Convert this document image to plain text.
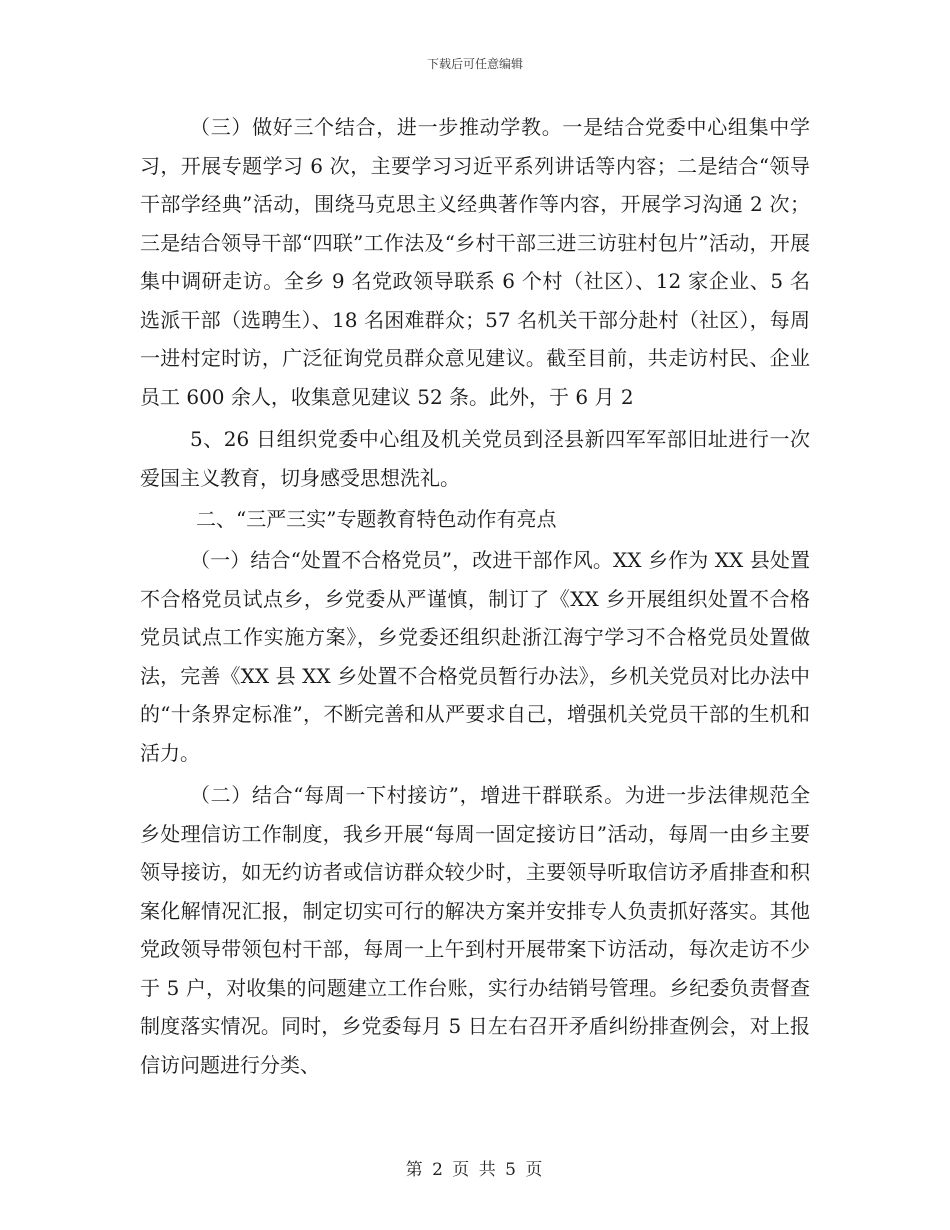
下载后可任意编辑

（三）做好三个结合，进一步推动学教。一是结合党委中心组集中学习，开展专题学习 6 次，主要学习习近平系列讲话等内容；二是结合“领导干部学经典”活动，围绕马克思主义经典著作等内容，开展学习沟通 2 次；三是结合领导干部“四联”工作法及“乡村干部三进三访驻村包片”活动，开展集中调研走访。全乡 9 名党政领导联系 6 个村（社区）、12 家企业、5 名选派干部（选聘生）、18 名困难群众；57 名机关干部分赴村（社区），每周一进村定时访，广泛征询党员群众意见建议。截至目前，共走访村民、企业员工 600 余人，收集意见建议 52 条。此外，于 6 月 2

5、26 日组织党委中心组及机关党员到泾县新四军军部旧址进行一次爱国主义教育，切身感受思想洗礼。

二、“三严三实”专题教育特色动作有亮点

（一）结合“处置不合格党员”，改进干部作风。XX 乡作为 XX 县处置不合格党员试点乡，乡党委从严谨慎，制订了《XX 乡开展组织处置不合格党员试点工作实施方案》，乡党委还组织赴浙江海宁学习不合格党员处置做法，完善《XX 县 XX 乡处置不合格党员暂行办法》，乡机关党员对比办法中的“十条界定标准”，不断完善和从严要求自己，增强机关党员干部的生机和活力。

（二）结合“每周一下村接访”，增进干群联系。为进一步法律规范全乡处理信访工作制度，我乡开展“每周一固定接访日”活动，每周一由乡主要领导接访，如无约访者或信访群众较少时，主要领导听取信访矛盾排查和积案化解情况汇报，制定切实可行的解决方案并安排专人负责抓好落实。其他党政领导带领包村干部，每周一上午到村开展带案下访活动，每次走访不少于 5 户，对收集的问题建立工作台账，实行办结销号管理。乡纪委负责督查制度落实情况。同时，乡党委每月 5 日左右召开矛盾纠纷排查例会，对上报信访问题进行分类、

第 2 页 共 5 页
